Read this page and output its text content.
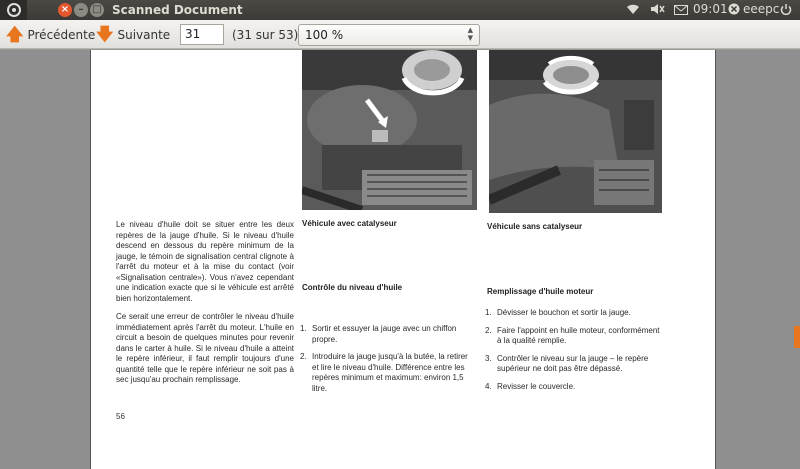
× – □ Scanned Document	09:01 eeepc
🡅 Précédente 🡇 Suivante	31	(31 sur 53) 100 %	▲
▼
Le niveau d'huile doit se situer entre les deux repères de la jauge d'huile. Si le niveau d'huile descend en dessous du repère minimum de la jauge, le témoin de signalisation central clignote à l'arrêt du moteur et à la mise du contact (voir «Signalisation centrale»). Vous n'avez cependant une indication exacte que si le véhicule est arrêté bien horizontalement.
Ce serait une erreur de contrôler le niveau d'huile immédiatement après l'arrêt du moteur. L'huile en circuit a besoin de quelques minutes pour revenir dans le carter à huile. Si le niveau d'huile a atteint le repère inférieur, il faut remplir toujours d'une quantité telle que le repère inférieur ne soit pas à sec jusqu'au prochain remplissage.
56
Véhicule avec catalyseur	Véhicule sans catalyseur
Contrôle du niveau d'huile
1. Sortir et essuyer la jauge avec un chiffon propre.
2. Introduire la jauge jusqu'à la butée, la retirer et lire le niveau d'huile. Différence entre les repères minimum et maximum: environ 1,5 litre.
Remplissage d'huile moteur
1. Dévisser le bouchon et sortir la jauge.
2. Faire l'appoint en huile moteur, conformément à la qualité remplie.
3. Contrôler le niveau sur la jauge – le repère supérieur ne doit pas être dépassé.
4. Revisser le couvercle.
